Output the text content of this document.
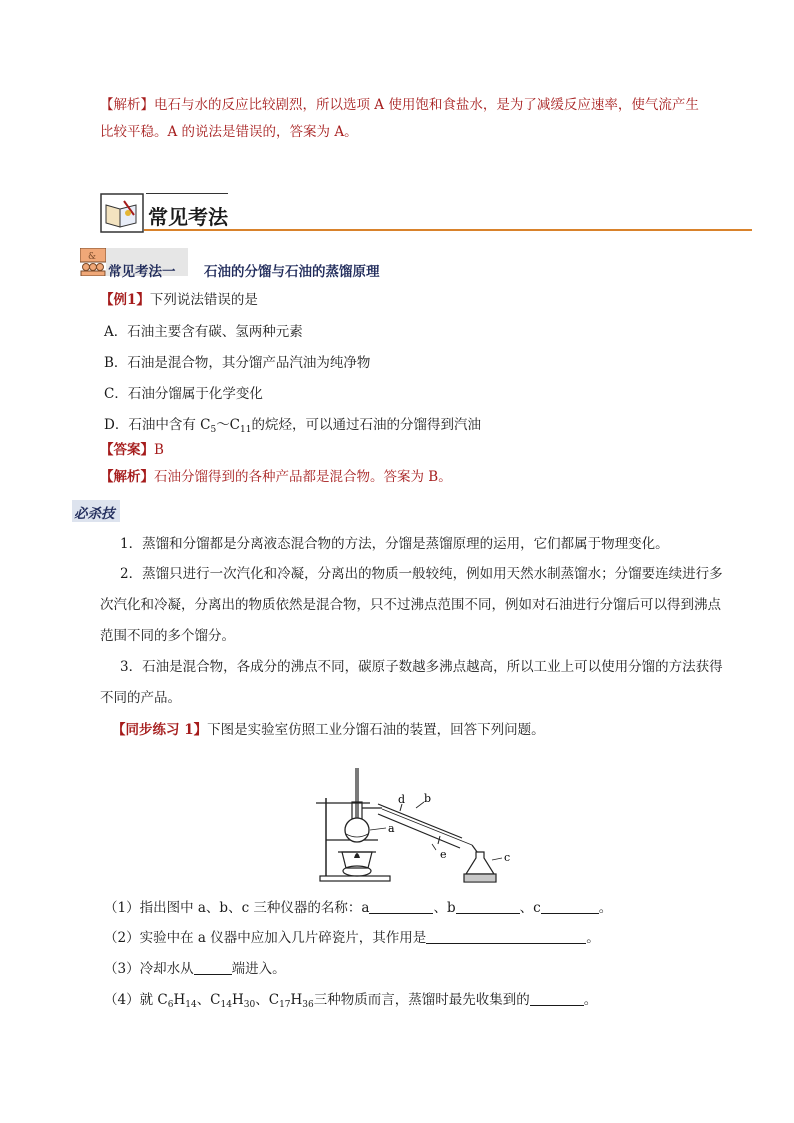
【解析】电石与水的反应比较剧烈，所以选项 A 使用饱和食盐水，是为了减缓反应速率，使气流产生
比较平稳。A 的说法是错误的，答案为 A。
常见考法
&
常见考法一 石油的分馏与石油的蒸馏原理
【例1】下列说法错误的是
A．石油主要含有碳、氢两种元素
B．石油是混合物，其分馏产品汽油为纯净物
C．石油分馏属于化学变化
D．石油中含有 $C_5\sim C_{11}$的烷烃，可以通过石油的分馏得到汽油
【答案】B
【解析】石油分馏得到的各种产品都是混合物。答案为 B。
必杀技
1．蒸馏和分馏都是分离液态混合物的方法，分馏是蒸馏原理的运用，它们都属于物理变化。
2．蒸馏只进行一次汽化和冷凝，分离出的物质一般较纯，例如用天然水制蒸馏水；分馏要连续进行多
次汽化和冷凝，分离出的物质依然是混合物，只不过沸点范围不同，例如对石油进行分馏后可以得到沸点
范围不同的多个馏分。
3．石油是混合物，各成分的沸点不同，碳原子数越多沸点越高，所以工业上可以使用分馏的方法获得
不同的产品。
【同步练习 1】下图是实验室仿照工业分馏石油的装置，回答下列问题。
a
b
c
d
e
（1）指出图中 a、b、c 三种仪器的名称：a	、b	、c	。
（2）实验中在 a 仪器中应加入几片碎瓷片，其作用是	。
（3）冷却水从	端进入。
（4）就 $C_6H_{14}$、$C_{14}H_{30}$、$C_{17}H_{36}$三种物质而言，蒸馏时最先收集到的	。
